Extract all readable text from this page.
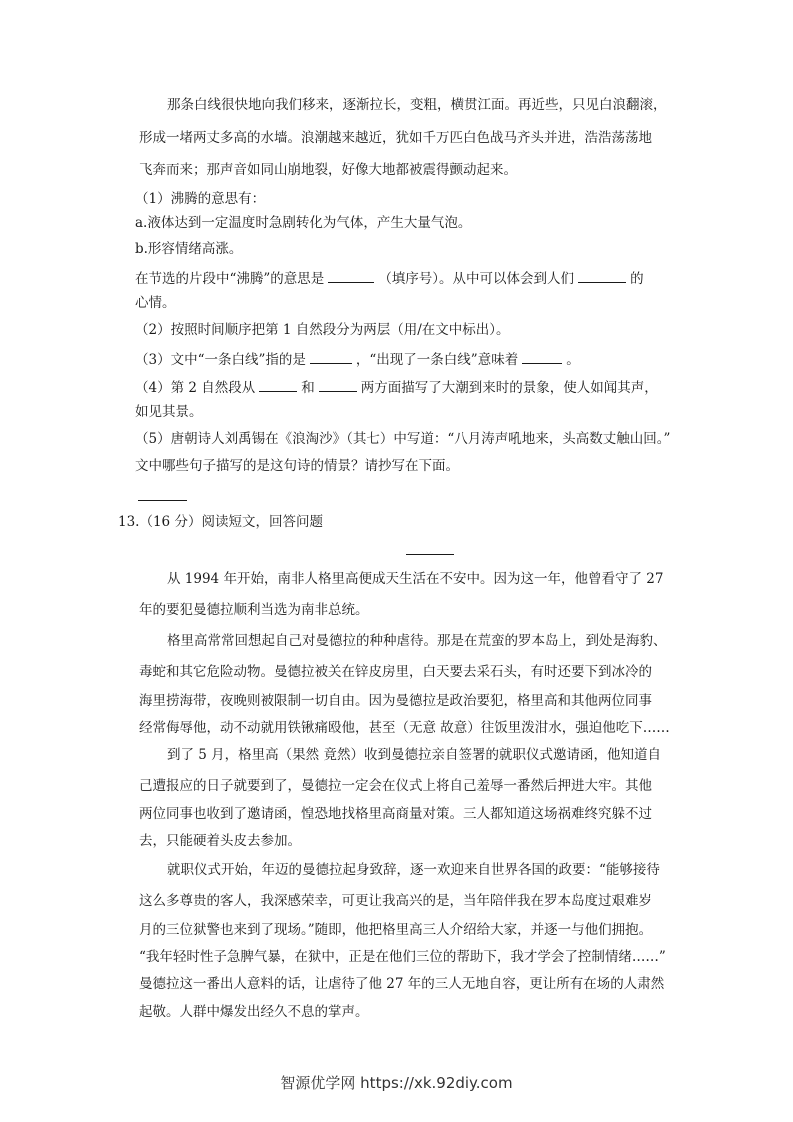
那条白线很快地向我们移来，逐渐拉长，变粗，横贯江面。再近些，只见白浪翻滚，
形成一堵两丈多高的水墙。浪潮越来越近，犹如千万匹白色战马齐头并进，浩浩荡荡地
飞奔而来；那声音如同山崩地裂，好像大地都被震得颤动起来。
（1）沸腾的意思有：
a.液体达到一定温度时急剧转化为气体，产生大量气泡。
b.形容情绪高涨。
在节选的片段中“沸腾”的意思是	（填序号）。从中可以体会到人们	的
心情。
（2）按照时间顺序把第 1 自然段分为两层（用/在文中标出）。
（3）文中“一条白线”指的是	，“出现了一条白线”意味着	。
（4）第 2 自然段从	和	两方面描写了大潮到来时的景象，使人如闻其声，
如见其景。
（5）唐朝诗人刘禹锡在《浪淘沙》（其七）中写道：“八月涛声吼地来，头高数丈触山回。”
文中哪些句子描写的是这句诗的情景？请抄写在下面。
13.（16 分）阅读短文，回答问题
从 1994 年开始，南非人格里高便成天生活在不安中。因为这一年，他曾看守了 27
年的要犯曼德拉顺利当选为南非总统。
格里高常常回想起自己对曼德拉的种种虐待。那是在荒蛮的罗本岛上，到处是海豹、
毒蛇和其它危险动物。曼德拉被关在锌皮房里，白天要去采石头，有时还要下到冰冷的
海里捞海带，夜晚则被限制一切自由。因为曼德拉是政治要犯，格里高和其他两位同事
经常侮辱他，动不动就用铁锹痛殴他，甚至（无意 故意）往饭里泼泔水，强迫他吃下……
到了 5 月，格里高（果然 竟然）收到曼德拉亲自签署的就职仪式邀请函，他知道自
己遭报应的日子就要到了，曼德拉一定会在仪式上将自己羞辱一番然后押进大牢。其他
两位同事也收到了邀请函，惶恐地找格里高商量对策。三人都知道这场祸难终究躲不过
去，只能硬着头皮去参加。
就职仪式开始，年迈的曼德拉起身致辞，逐一欢迎来自世界各国的政要：“能够接待
这么多尊贵的客人，我深感荣幸，可更让我高兴的是，当年陪伴我在罗本岛度过艰难岁
月的三位狱警也来到了现场。”随即，他把格里高三人介绍给大家，并逐一与他们拥抱。
“我年轻时性子急脾气暴，在狱中，正是在他们三位的帮助下，我才学会了控制情绪……”
曼德拉这一番出人意料的话，让虐待了他 27 年的三人无地自容，更让所有在场的人肃然
起敬。人群中爆发出经久不息的掌声。
智源优学网 https://xk.92diy.com
